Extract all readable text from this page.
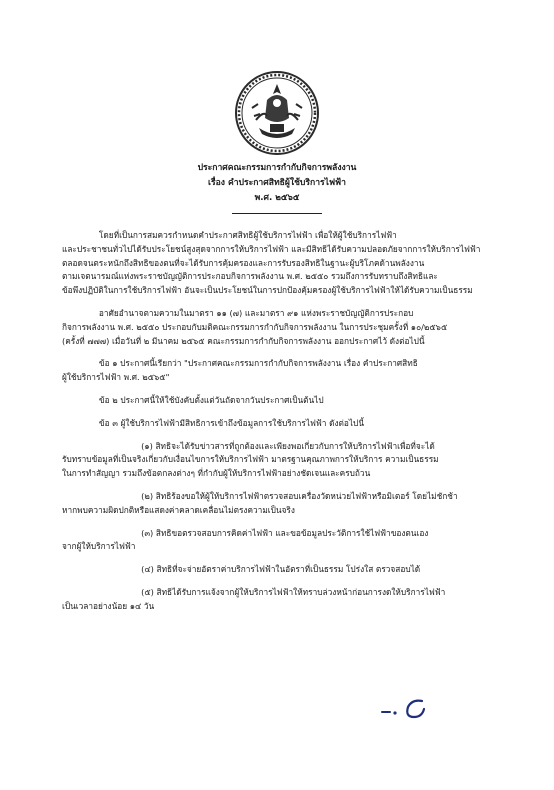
ประกาศคณะกรรมการกำกับกิจการพลังงาน
เรื่อง คำประกาศสิทธิผู้ใช้บริการไฟฟ้า
พ.ศ. ๒๕๖๕
โดยที่เป็นการสมควรกำหนดคำประกาศสิทธิผู้ใช้บริการไฟฟ้า เพื่อให้ผู้ใช้บริการไฟฟ้า
และประชาชนทั่วไปได้รับประโยชน์สูงสุดจากการให้บริการไฟฟ้า และมีสิทธิได้รับความปลอดภัยจากการให้บริการไฟฟ้า
ตลอดจนตระหนักถึงสิทธิของตนที่จะได้รับการคุ้มครองและการรับรองสิทธิในฐานะผู้บริโภคด้านพลังงาน
ตามเจตนารมณ์แห่งพระราชบัญญัติการประกอบกิจการพลังงาน พ.ศ. ๒๕๕๐ รวมถึงการรับทราบถึงสิทธิและ
ข้อพึงปฏิบัติในการใช้บริการไฟฟ้า อันจะเป็นประโยชน์ในการปกป้องคุ้มครองผู้ใช้บริการไฟฟ้าให้ได้รับความเป็นธรรม
อาศัยอำนาจตามความในมาตรา ๑๑ (๗) และมาตรา ๙๑ แห่งพระราชบัญญัติการประกอบ
กิจการพลังงาน พ.ศ. ๒๕๕๐ ประกอบกับมติคณะกรรมการกำกับกิจการพลังงาน ในการประชุมครั้งที่ ๑๐/๒๕๖๕
(ครั้งที่ ๗๗๗) เมื่อวันที่ ๒ มีนาคม ๒๕๖๕ คณะกรรมการกำกับกิจการพลังงาน ออกประกาศไว้ ดังต่อไปนี้
ข้อ ๑ ประกาศนี้เรียกว่า "ประกาศคณะกรรมการกำกับกิจการพลังงาน เรื่อง คำประกาศสิทธิ
ผู้ใช้บริการไฟฟ้า พ.ศ. ๒๕๖๕"
ข้อ ๒ ประกาศนี้ให้ใช้บังคับตั้งแต่วันถัดจากวันประกาศเป็นต้นไป
ข้อ ๓ ผู้ใช้บริการไฟฟ้ามีสิทธิการเข้าถึงข้อมูลการใช้บริการไฟฟ้า ดังต่อไปนี้
(๑) สิทธิจะได้รับข่าวสารที่ถูกต้องและเพียงพอเกี่ยวกับการให้บริการไฟฟ้าเพื่อที่จะได้
รับทราบข้อมูลที่เป็นจริงเกี่ยวกับเงื่อนไขการให้บริการไฟฟ้า มาตรฐานคุณภาพการให้บริการ ความเป็นธรรม
ในการทำสัญญา รวมถึงข้อตกลงต่างๆ ที่กำกับผู้ให้บริการไฟฟ้าอย่างชัดเจนและครบถ้วน
(๒) สิทธิร้องขอให้ผู้ให้บริการไฟฟ้าตรวจสอบเครื่องวัดหน่วยไฟฟ้าหรือมิเตอร์ โดยไม่ชักช้า
หากพบความผิดปกติหรือแสดงค่าคลาดเคลื่อนไม่ตรงความเป็นจริง
(๓) สิทธิขอตรวจสอบการคิดค่าไฟฟ้า และขอข้อมูลประวัติการใช้ไฟฟ้าของตนเอง
จากผู้ให้บริการไฟฟ้า
(๔) สิทธิที่จะจ่ายอัตราค่าบริการไฟฟ้าในอัตราที่เป็นธรรม โปร่งใส ตรวจสอบได้
(๕) สิทธิได้รับการแจ้งจากผู้ให้บริการไฟฟ้าให้ทราบล่วงหน้าก่อนการงดให้บริการไฟฟ้า
เป็นเวลาอย่างน้อย ๑๔ วัน
